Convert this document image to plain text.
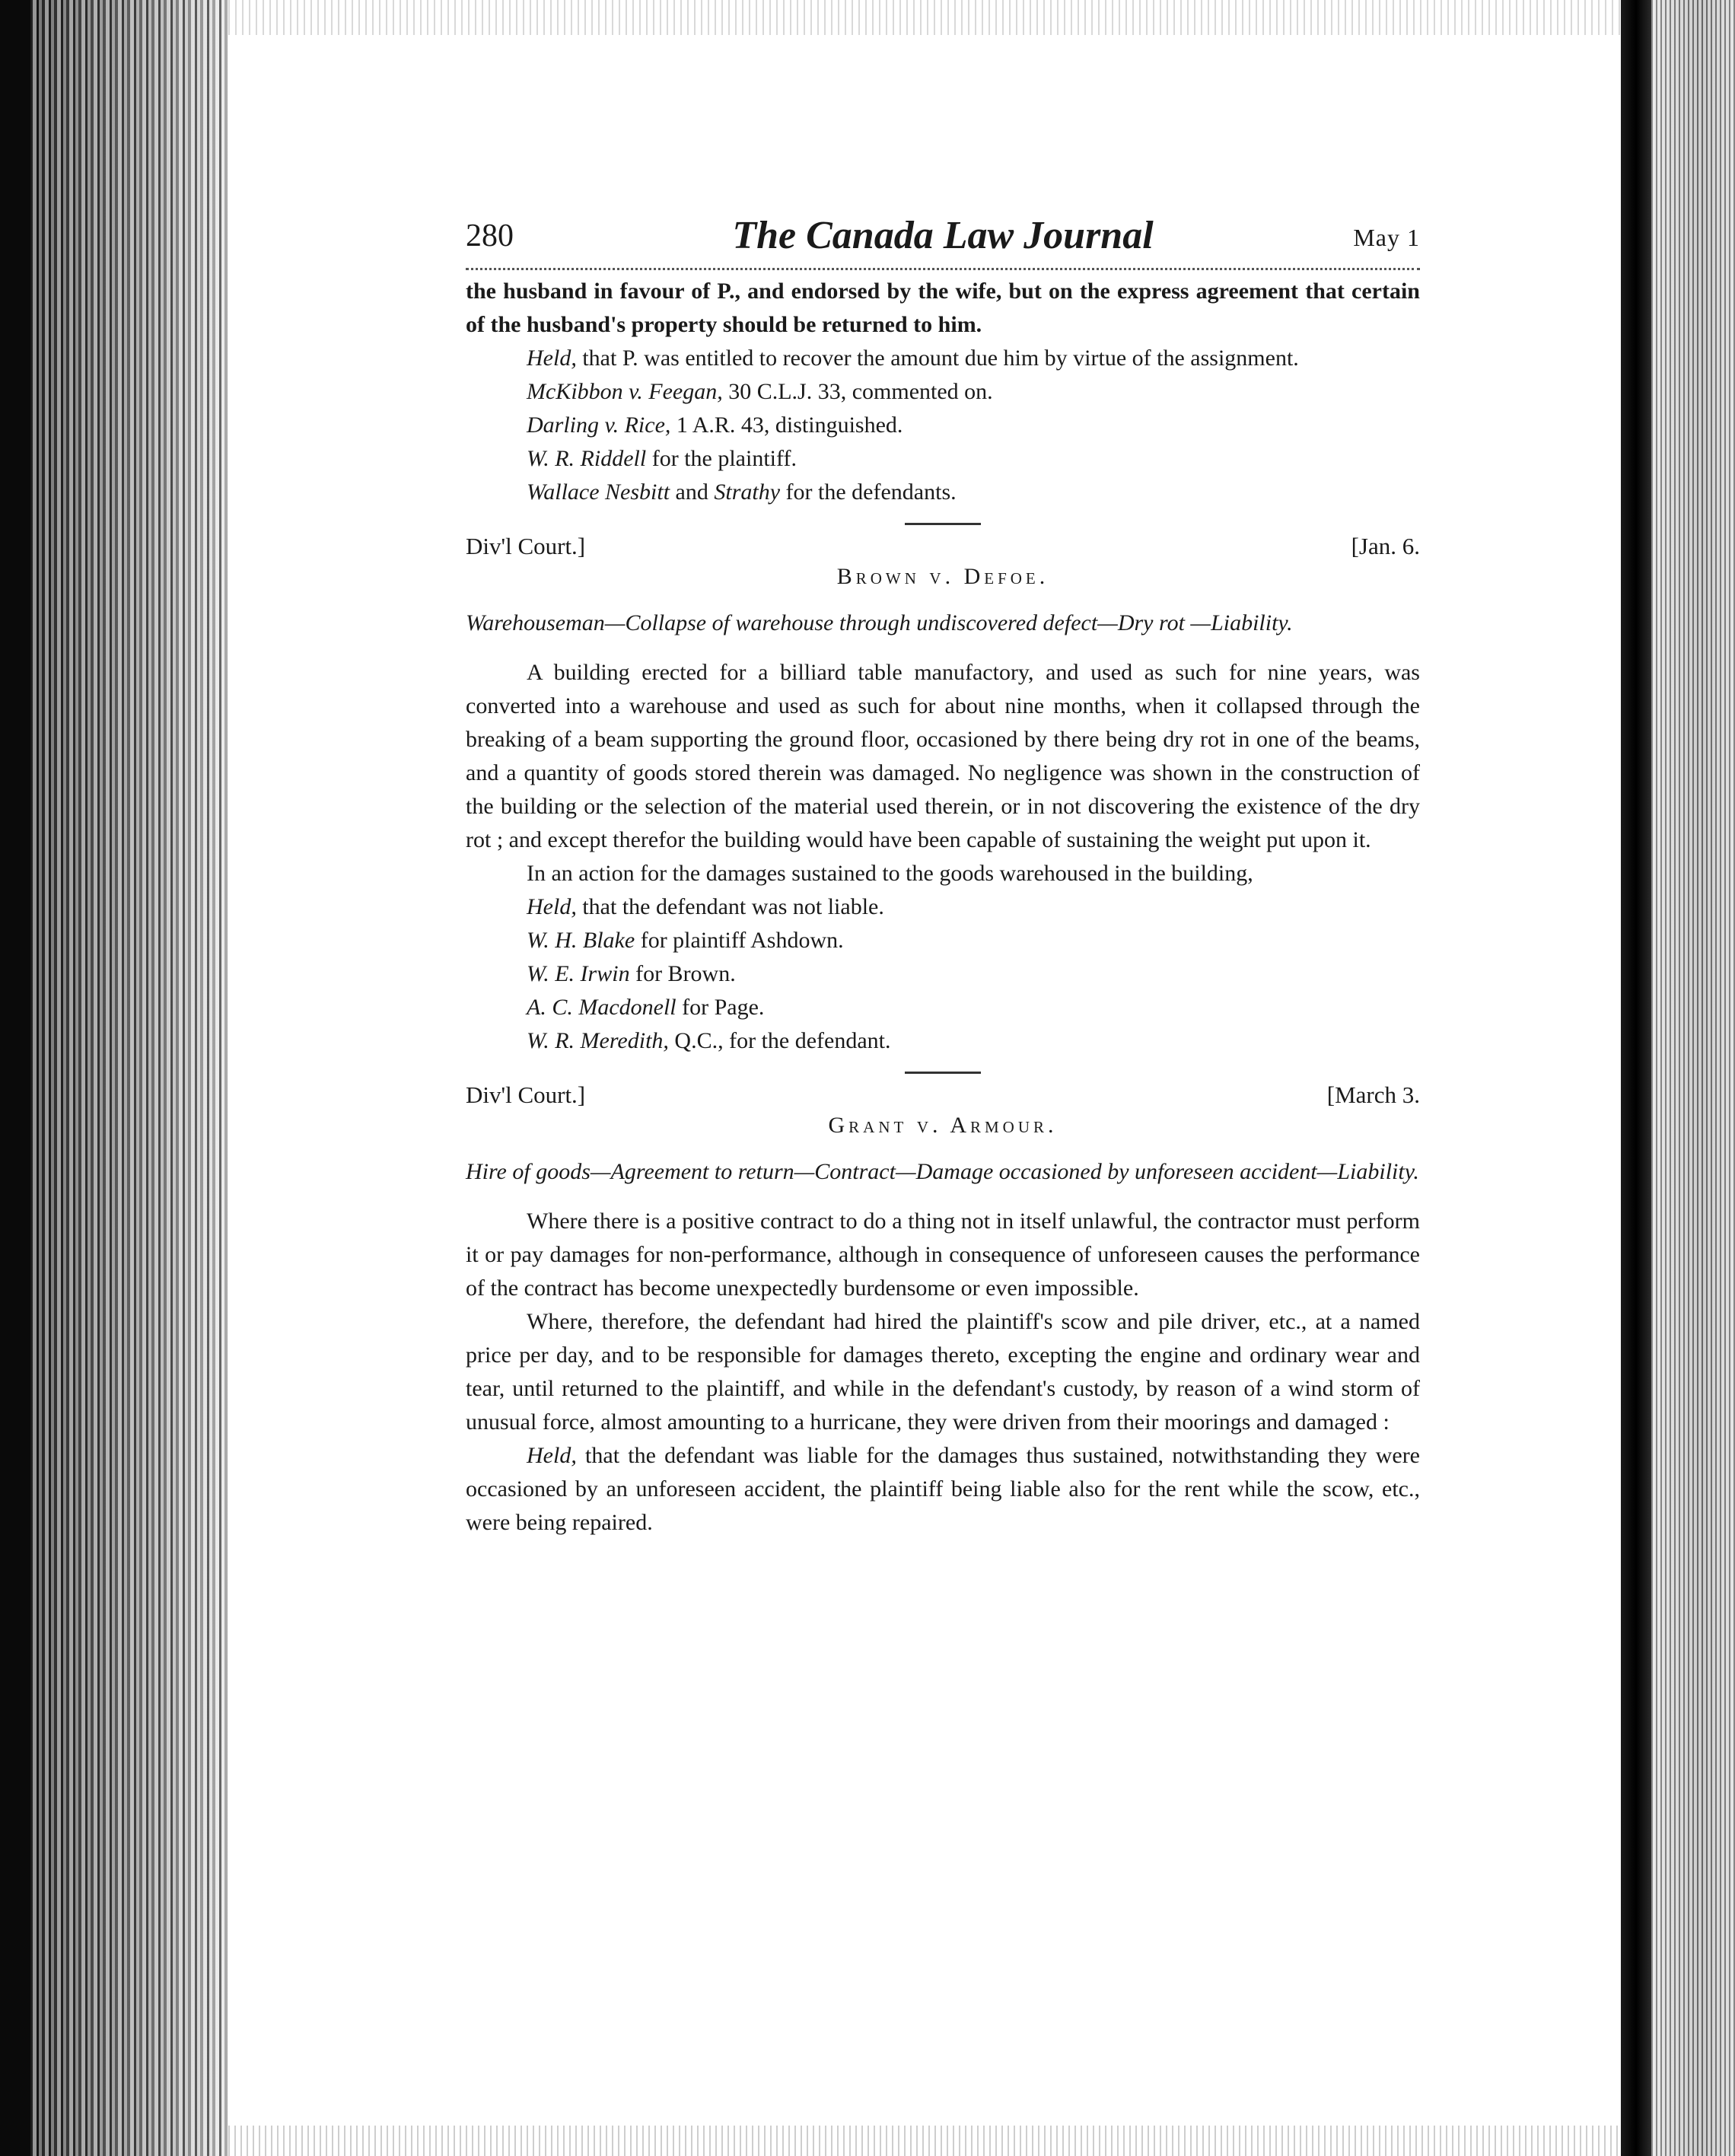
280	The Canada Law Journal	May 1

the husband in favour of P., and endorsed by the wife, but on the express agreement that certain of the husband's property should be returned to him.

Held, that P. was entitled to recover the amount due him by virtue of the assignment.

McKibbon v. Feegan, 30 C.L.J. 33, commented on.

Darling v. Rice, 1 A.R. 43, distinguished.

W. R. Riddell for the plaintiff.

Wallace Nesbitt and Strathy for the defendants.

Div'l Court.]	[Jan. 6.
Brown v. Defoe.
Warehouseman—Collapse of warehouse through undiscovered defect—Dry rot —Liability.

A building erected for a billiard table manufactory, and used as such for nine years, was converted into a warehouse and used as such for about nine months, when it collapsed through the breaking of a beam supporting the ground floor, occasioned by there being dry rot in one of the beams, and a quantity of goods stored therein was damaged. No negligence was shown in the construction of the building or the selection of the material used therein, or in not discovering the existence of the dry rot ; and except therefor the building would have been capable of sustaining the weight put upon it.

In an action for the damages sustained to the goods warehoused in the building,

Held, that the defendant was not liable.

W. H. Blake for plaintiff Ashdown.

W. E. Irwin for Brown.

A. C. Macdonell for Page.

W. R. Meredith, Q.C., for the defendant.

Div'l Court.]	[March 3.
Grant v. Armour.
Hire of goods—Agreement to return—Contract—Damage occasioned by unforeseen accident—Liability.

Where there is a positive contract to do a thing not in itself unlawful, the contractor must perform it or pay damages for non-performance, although in consequence of unforeseen causes the performance of the contract has become unexpectedly burdensome or even impossible.

Where, therefore, the defendant had hired the plaintiff's scow and pile driver, etc., at a named price per day, and to be responsible for damages thereto, excepting the engine and ordinary wear and tear, until returned to the plaintiff, and while in the defendant's custody, by reason of a wind storm of unusual force, almost amounting to a hurricane, they were driven from their moorings and damaged :

Held, that the defendant was liable for the damages thus sustained, notwithstanding they were occasioned by an unforeseen accident, the plaintiff being liable also for the rent while the scow, etc., were being repaired.
